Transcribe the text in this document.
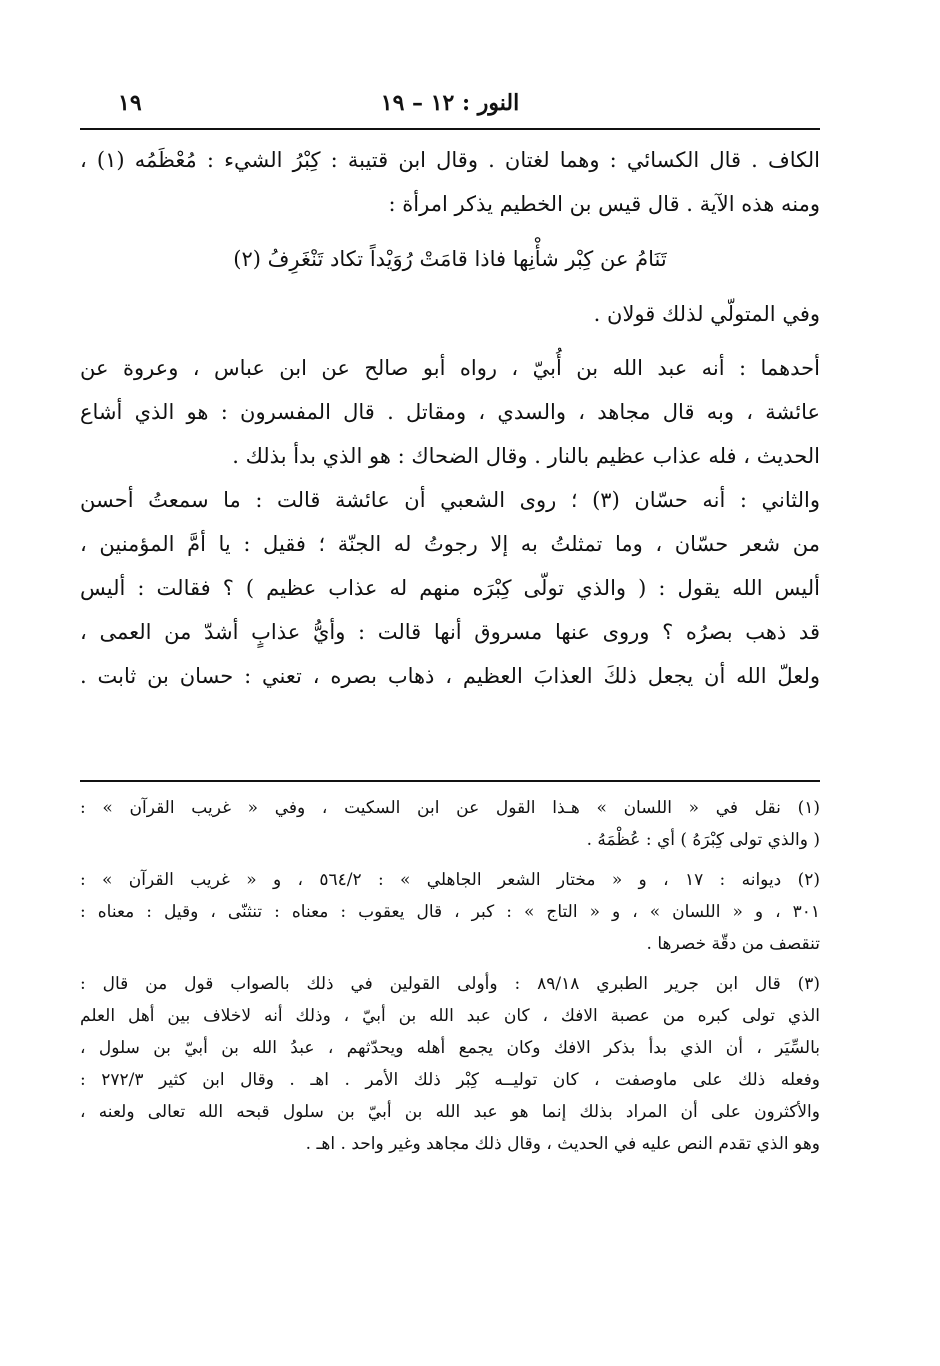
النور : ١٢ – ١٩
١٩

الكاف . قال الكسائي : وهما لغتان . وقال ابن قتيبة : كِبْرُ الشيء : مُعْظَمُه (١) ،

ومنه هذه الآية . قال قيس بن الخطيم يذكر امرأة :

تَنَامُ عن كِبْر شأْنِها فاذا قامَتْ رُوَيْداً تكاد تَنْغَرِفُ (٢)

وفي المتولّي لذلك قولان .

أحدهما : أنه عبد الله بن أُبيّ ، رواه أبو صالح عن ابن عباس ، وعروة عن

عائشة ، وبه قال مجاهد ، والسدي ، ومقاتل . قال المفسرون : هو الذي أشاع

الحديث ، فله عذاب عظيم بالنار . وقال الضحاك : هو الذي بدأ بذلك .

والثاني : أنه حسّان (٣) ؛ روى الشعبي أن عائشة قالت : ما سمعتُ أحسن

من شعر حسّان ، وما تمثلتُ به إلا رجوتُ له الجنّة ؛ فقيل : يا أمَّ المؤمنين ،

أليس الله يقول : ( والذي تولّى كِبْرَه منهم له عذاب عظيم ) ؟ فقالت : أليس

قد ذهب بصرُه ؟ وروى عنها مسروق أنها قالت : وأيُّ عذابٍ أشدّ من العمى ،

ولعلّ الله أن يجعل ذلكَ العذابَ العظيم ، ذهاب بصره ، تعني : حسان بن ثابت .

(١) نقل في « اللسان » هـذا القول عن ابن السكيت ، وفي « غريب القرآن » :

( والذي تولى كِبْرَهُ ) أي : عُظْمَهُ .

(٢) ديوانه : ١٧ ، و « مختار الشعر الجاهلي » : ٥٦٤/٢ ، و « غريب القرآن » :

٣٠١ ، و « اللسان » ، و « التاج » : كبر ، قال يعقوب : معناه : تنثنّى ، وقيل : معناه :

تنقصف من دقّة خصرها .

(٣) قال ابن جرير الطبري ٨٩/١٨ : وأولى القولين في ذلك بالصواب قول من قال :

الذي تولى كبره من عصبة الافك ، كان عبد الله بن أبيّ ، وذلك أنه لاخلاف بين أهل العلم

بالسِّيَر ، أن الذي بدأ بذكر الافك وكان يجمع أهله ويحدّثهم ، عبدُ الله بن أبيّ بن سلول ،

وفعله ذلك على ماوصفت ، كان توليــه كِبْر ذلك الأمر . اهـ . وقال ابن كثير ٢٧٢/٣ :

والأكثرون على أن المراد بذلك إنما هو عبد الله بن أبيّ بن سلول قبحه الله تعالى ولعنه ،

وهو الذي تقدم النص عليه في الحديث ، وقال ذلك مجاهد وغير واحد . اهـ .
